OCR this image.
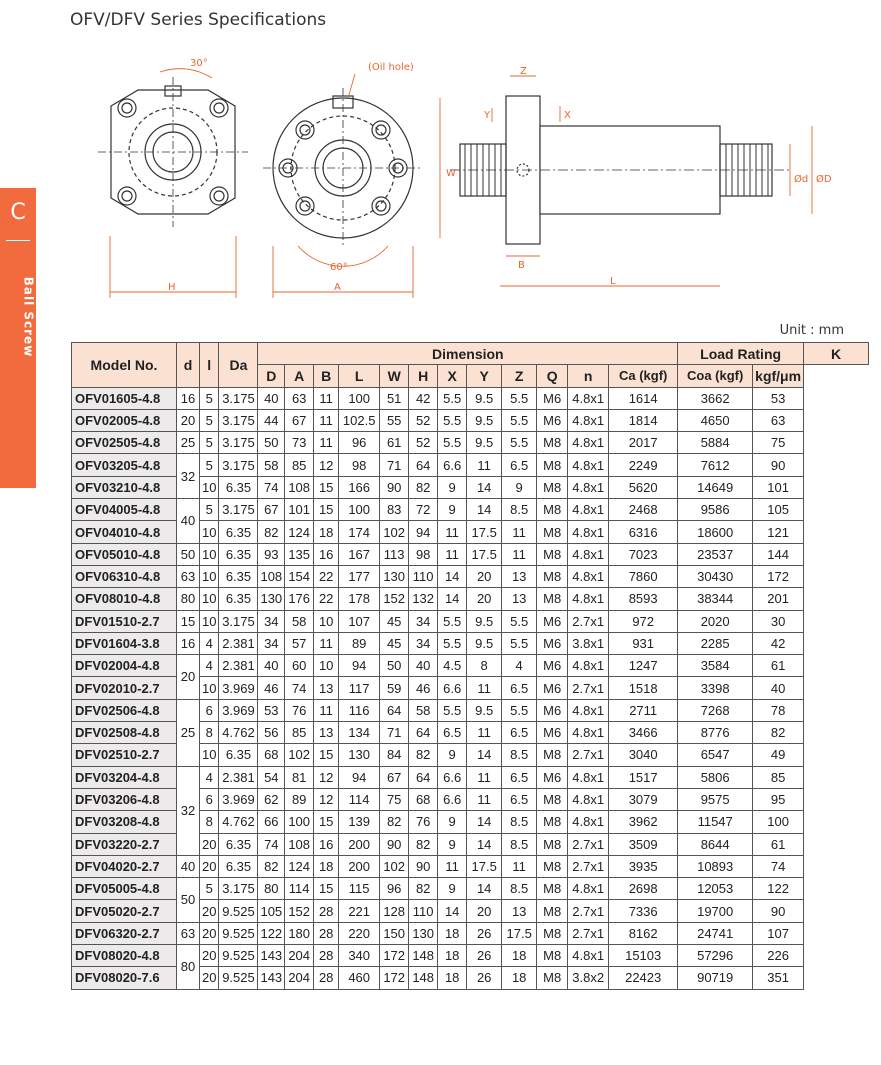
OFV/DFV Series Specifications
C
Ball Screw
30°	(Oil hole)
60°
H	A
W
Z
Y	X
B
L
Ød ØD
Unit : mm
Model No.	d	l	Da	Dimension												Load Rating		K
				D	A	B	L	W	H	X	Y	Z	Q	n	Ca (kgf)	Coa (kgf)	kgf/μm	
OFV01605-4.8	16	5	3.175	40	63	11	100	51	42	5.5	9.5	5.5	M6	4.8x1	1614	3662	53	
OFV02005-4.8	20	5	3.175	44	67	11	102.5	55	52	5.5	9.5	5.5	M6	4.8x1	1814	4650	63	
OFV02505-4.8	25	5	3.175	50	73	11	96	61	52	5.5	9.5	5.5	M8	4.8x1	2017	5884	75	
OFV03205-4.8	32	5	3.175	58	85	12	98	71	64	6.6	11	6.5	M8	4.8x1	2249	7612	90	
OFV03210-4.8		10	6.35	74	108	15	166	90	82	9	14	9	M8	4.8x1	5620	14649	101	
OFV04005-4.8	40	5	3.175	67	101	15	100	83	72	9	14	8.5	M8	4.8x1	2468	9586	105	
OFV04010-4.8		10	6.35	82	124	18	174	102	94	11	17.5	11	M8	4.8x1	6316	18600	121	
OFV05010-4.8	50	10	6.35	93	135	16	167	113	98	11	17.5	11	M8	4.8x1	7023	23537	144	
OFV06310-4.8	63	10	6.35	108	154	22	177	130	110	14	20	13	M8	4.8x1	7860	30430	172	
OFV08010-4.8	80	10	6.35	130	176	22	178	152	132	14	20	13	M8	4.8x1	8593	38344	201	
DFV01510-2.7	15	10	3.175	34	58	10	107	45	34	5.5	9.5	5.5	M6	2.7x1	972	2020	30	
DFV01604-3.8	16	4	2.381	34	57	11	89	45	34	5.5	9.5	5.5	M6	3.8x1	931	2285	42	
DFV02004-4.8	20	4	2.381	40	60	10	94	50	40	4.5	8	4	M6	4.8x1	1247	3584	61	
DFV02010-2.7		10	3.969	46	74	13	117	59	46	6.6	11	6.5	M6	2.7x1	1518	3398	40	
DFV02506-4.8	25	6	3.969	53	76	11	116	64	58	5.5	9.5	5.5	M6	4.8x1	2711	7268	78	
DFV02508-4.8		8	4.762	56	85	13	134	71	64	6.5	11	6.5	M6	4.8x1	3466	8776	82	
DFV02510-2.7		10	6.35	68	102	15	130	84	82	9	14	8.5	M8	2.7x1	3040	6547	49	
DFV03204-4.8	32	4	2.381	54	81	12	94	67	64	6.6	11	6.5	M6	4.8x1	1517	5806	85	
DFV03206-4.8		6	3.969	62	89	12	114	75	68	6.6	11	6.5	M8	4.8x1	3079	9575	95	
DFV03208-4.8		8	4.762	66	100	15	139	82	76	9	14	8.5	M8	4.8x1	3962	11547	100	
DFV03220-2.7		20	6.35	74	108	16	200	90	82	9	14	8.5	M8	2.7x1	3509	8644	61	
DFV04020-2.7	40	20	6.35	82	124	18	200	102	90	11	17.5	11	M8	2.7x1	3935	10893	74	
DFV05005-4.8	50	5	3.175	80	114	15	115	96	82	9	14	8.5	M8	4.8x1	2698	12053	122	
DFV05020-2.7		20	9.525	105	152	28	221	128	110	14	20	13	M8	2.7x1	7336	19700	90	
DFV06320-2.7	63	20	9.525	122	180	28	220	150	130	18	26	17.5	M8	2.7x1	8162	24741	107	
DFV08020-4.8	80	20	9.525	143	204	28	340	172	148	18	26	18	M8	4.8x1	15103	57296	226	
DFV08020-7.6		20	9.525	143	204	28	460	172	148	18	26	18	M8	3.8x2	22423	90719	351	
